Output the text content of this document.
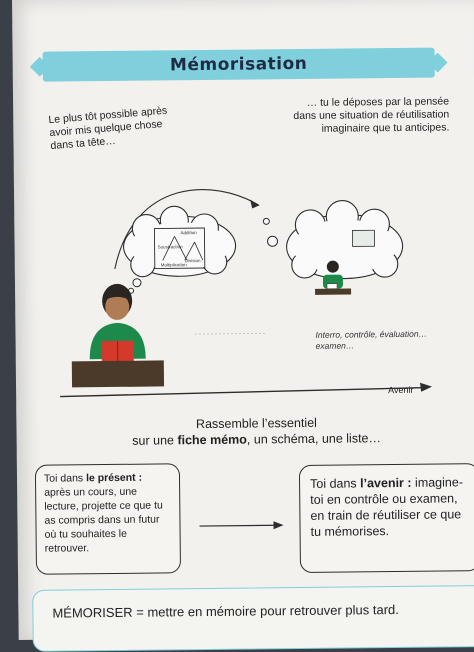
Mémorisation
Le plus tôt possible après avoir mis quelque chose dans ta tête…
… tu le déposes par la pensée dans une situation de réutilisation imaginaire que tu anticipes.
Addition
Soustraction
Multiplication
Division
Interro, contrôle, évaluation… examen…
Avenir
Rassemble l’essentiel
sur une fiche mémo, un schéma, une liste…
Toi dans le présent : après un cours, une lecture, projette ce que tu as compris dans un futur où tu souhaites le retrouver.
Toi dans l’avenir : imagine-toi en contrôle ou examen, en train de réutiliser ce que tu mémorises.
MÉMORISER = mettre en mémoire pour retrouver plus tard.
